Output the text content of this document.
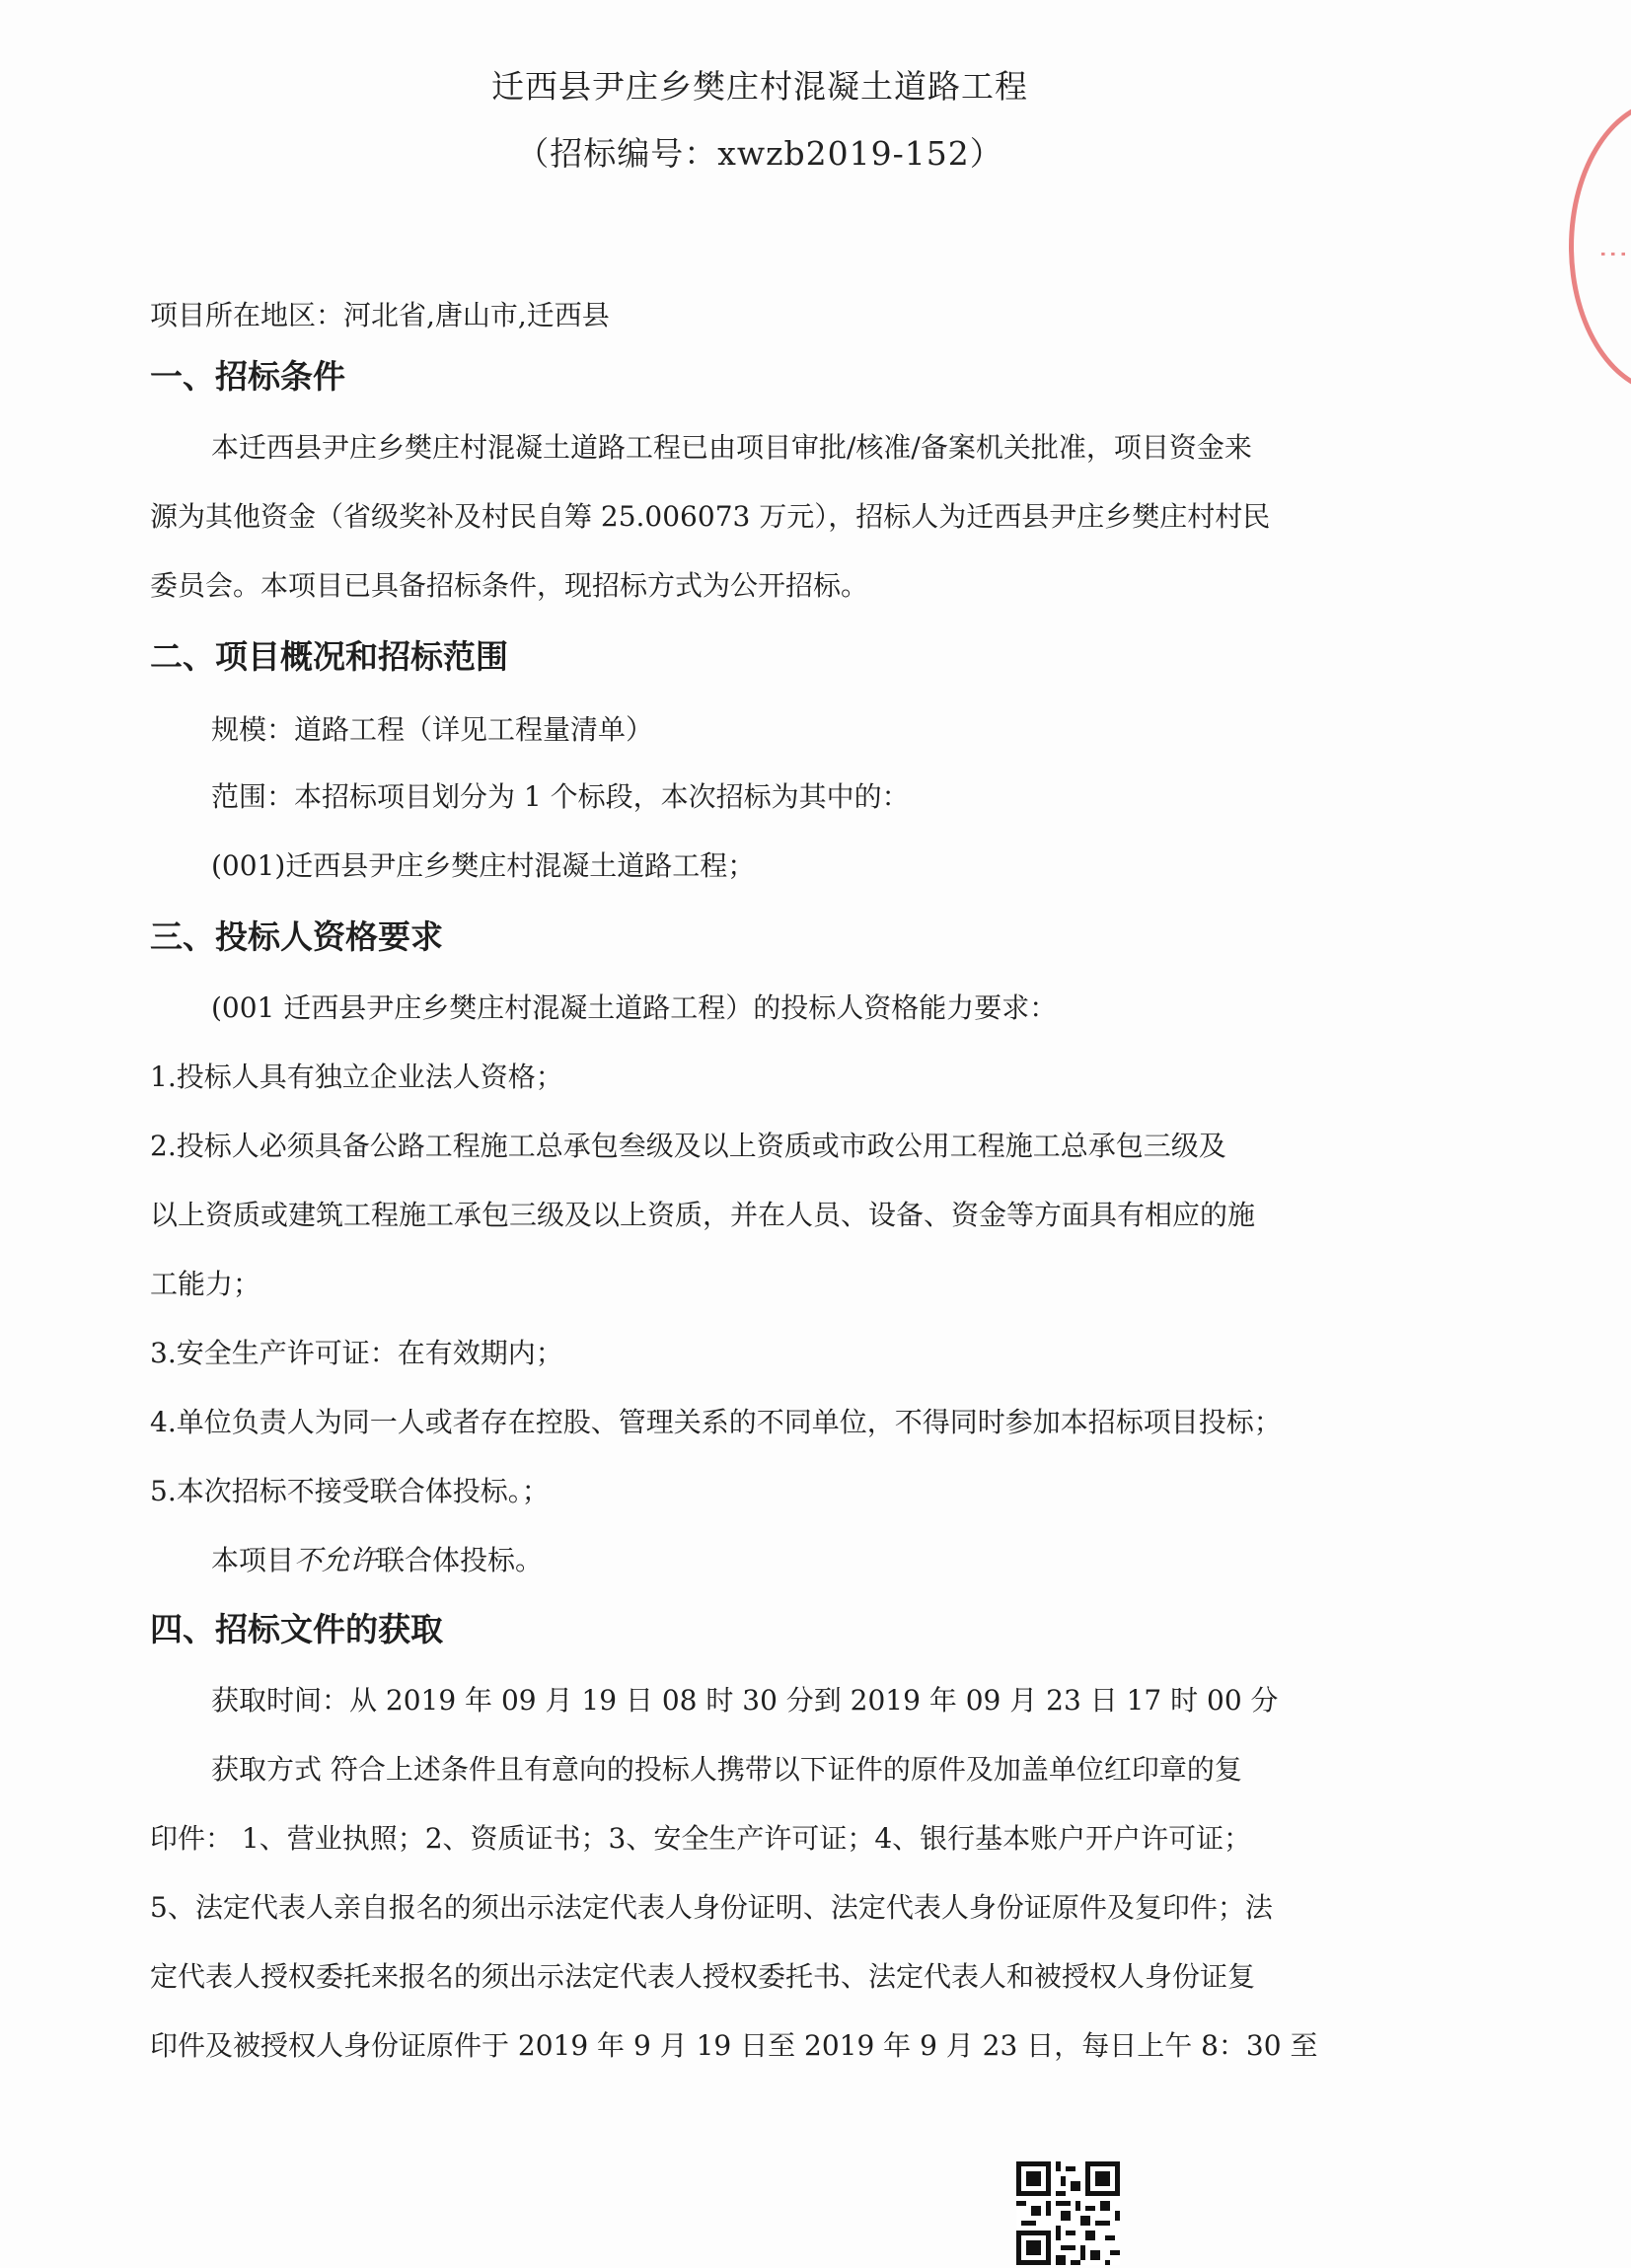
迁西县尹庄乡樊庄村混凝土道路工程
（招标编号：xwzb2019-152）
项目所在地区：河北省,唐山市,迁西县
一、招标条件
本迁西县尹庄乡樊庄村混凝土道路工程已由项目审批/核准/备案机关批准，项目资金来
源为其他资金（省级奖补及村民自筹 25.006073 万元），招标人为迁西县尹庄乡樊庄村村民
委员会。本项目已具备招标条件，现招标方式为公开招标。
二、项目概况和招标范围
规模：道路工程（详见工程量清单）
范围：本招标项目划分为 1 个标段，本次招标为其中的：
(001)迁西县尹庄乡樊庄村混凝土道路工程；
三、投标人资格要求
(001 迁西县尹庄乡樊庄村混凝土道路工程）的投标人资格能力要求：
1.投标人具有独立企业法人资格；
2.投标人必须具备公路工程施工总承包叁级及以上资质或市政公用工程施工总承包三级及
以上资质或建筑工程施工承包三级及以上资质，并在人员、设备、资金等方面具有相应的施
工能力；
3.安全生产许可证：在有效期内；
4.单位负责人为同一人或者存在控股、管理关系的不同单位，不得同时参加本招标项目投标；
5.本次招标不接受联合体投标。；
本项目不允许联合体投标。
四、招标文件的获取
获取时间：从 2019 年 09 月 19 日 08 时 30 分到 2019 年 09 月 23 日 17 时 00 分
获取方式 符合上述条件且有意向的投标人携带以下证件的原件及加盖单位红印章的复
印件： 1、营业执照；2、资质证书；3、安全生产许可证；4、银行基本账户开户许可证；
5、法定代表人亲自报名的须出示法定代表人身份证明、法定代表人身份证原件及复印件；法
定代表人授权委托来报名的须出示法定代表人授权委托书、法定代表人和被授权人身份证复
印件及被授权人身份证原件于 2019 年 9 月 19 日至 2019 年 9 月 23 日，每日上午 8：30 至
⋮
